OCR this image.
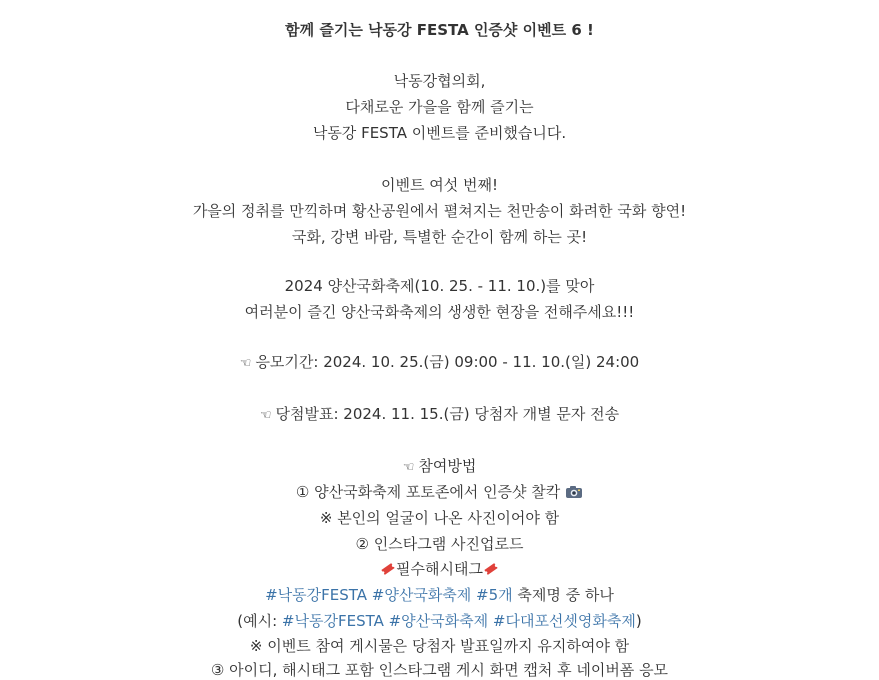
함께 즐기는 낙동강 FESTA 인증샷 이벤트 6 !
낙동강협의회,
다채로운 가을을 함께 즐기는
낙동강 FESTA 이벤트를 준비했습니다.
이벤트 여섯 번째!
가을의 정취를 만끽하며 황산공원에서 펼쳐지는 천만송이 화려한 국화 향연!
국화, 강변 바람, 특별한 순간이 함께 하는 곳!
2024 양산국화축제(10. 25. - 11. 10.)를 맞아
여러분이 즐긴 양산국화축제의 생생한 현장을 전해주세요!!!
☜ 응모기간: 2024. 10. 25.(금) 09:00 - 11. 10.(일) 24:00
☜ 당첨발표: 2024. 11. 15.(금) 당첨자 개별 문자 전송
☜ 참여방법
① 양산국화축제 포토존에서 인증샷 찰칵
※ 본인의 얼굴이 나온 사진이어야 함
② 인스타그램 사진업로드
필수해시태그
#낙동강FESTA #양산국화축제 #5개 축제명 중 하나
(예시: #낙동강FESTA #양산국화축제 #다대포선셋영화축제)
※ 이벤트 참여 게시물은 당첨자 발표일까지 유지하여야 함
③ 아이디, 해시태그 포함 인스타그램 게시 화면 캡처 후 네이버폼 응모
